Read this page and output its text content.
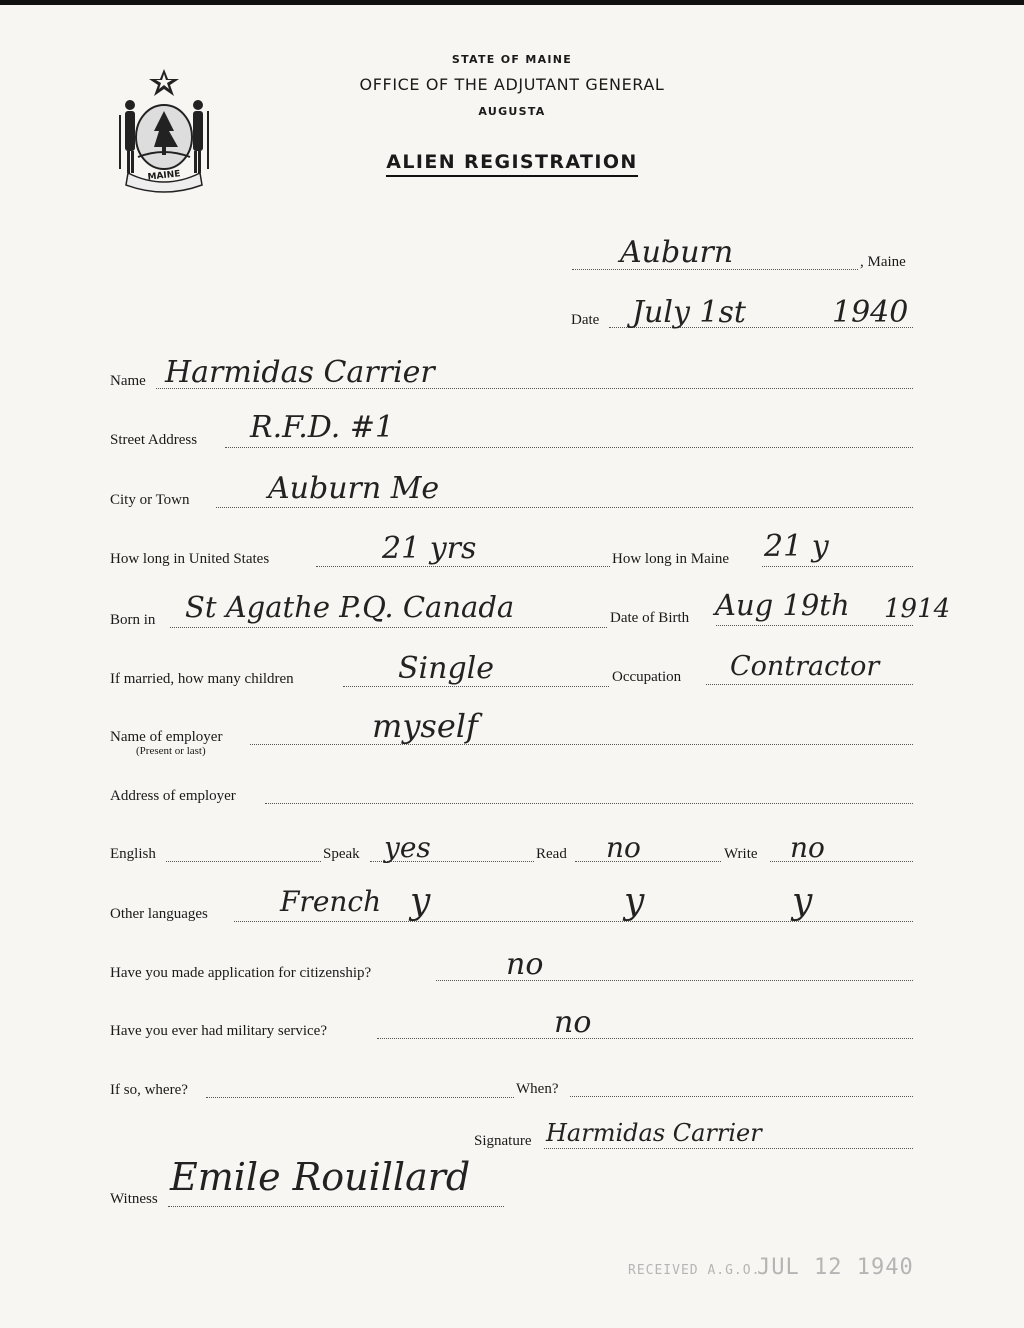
MAINE
STATE OF MAINE
OFFICE OF THE ADJUTANT GENERAL
AUGUSTA
ALIEN REGISTRATION
, Maine
Auburn
Date July 1st	1940
Name Harmidas Carrier
Street Address R.F.D. #1
City or Town	Auburn Me
How long in United States	21 yrs	How long in Maine 21 y
Born in St Agathe P.Q. Canada	Date of Birth Aug 19th 1914
If married, how many children	Single	Occupation Contractor
Name of employer
(Present or last)
myself
Address of employer
English	Speak yes	Read no	Write no
Other languages	French y	y	y
Have you made application for citizenship?	no
Have you ever had military service?	no
If so, where?	When?
Signature Harmidas Carrier
Witness Emile Rouillard
RECEIVED A.G.O.
JUL 12 1940
